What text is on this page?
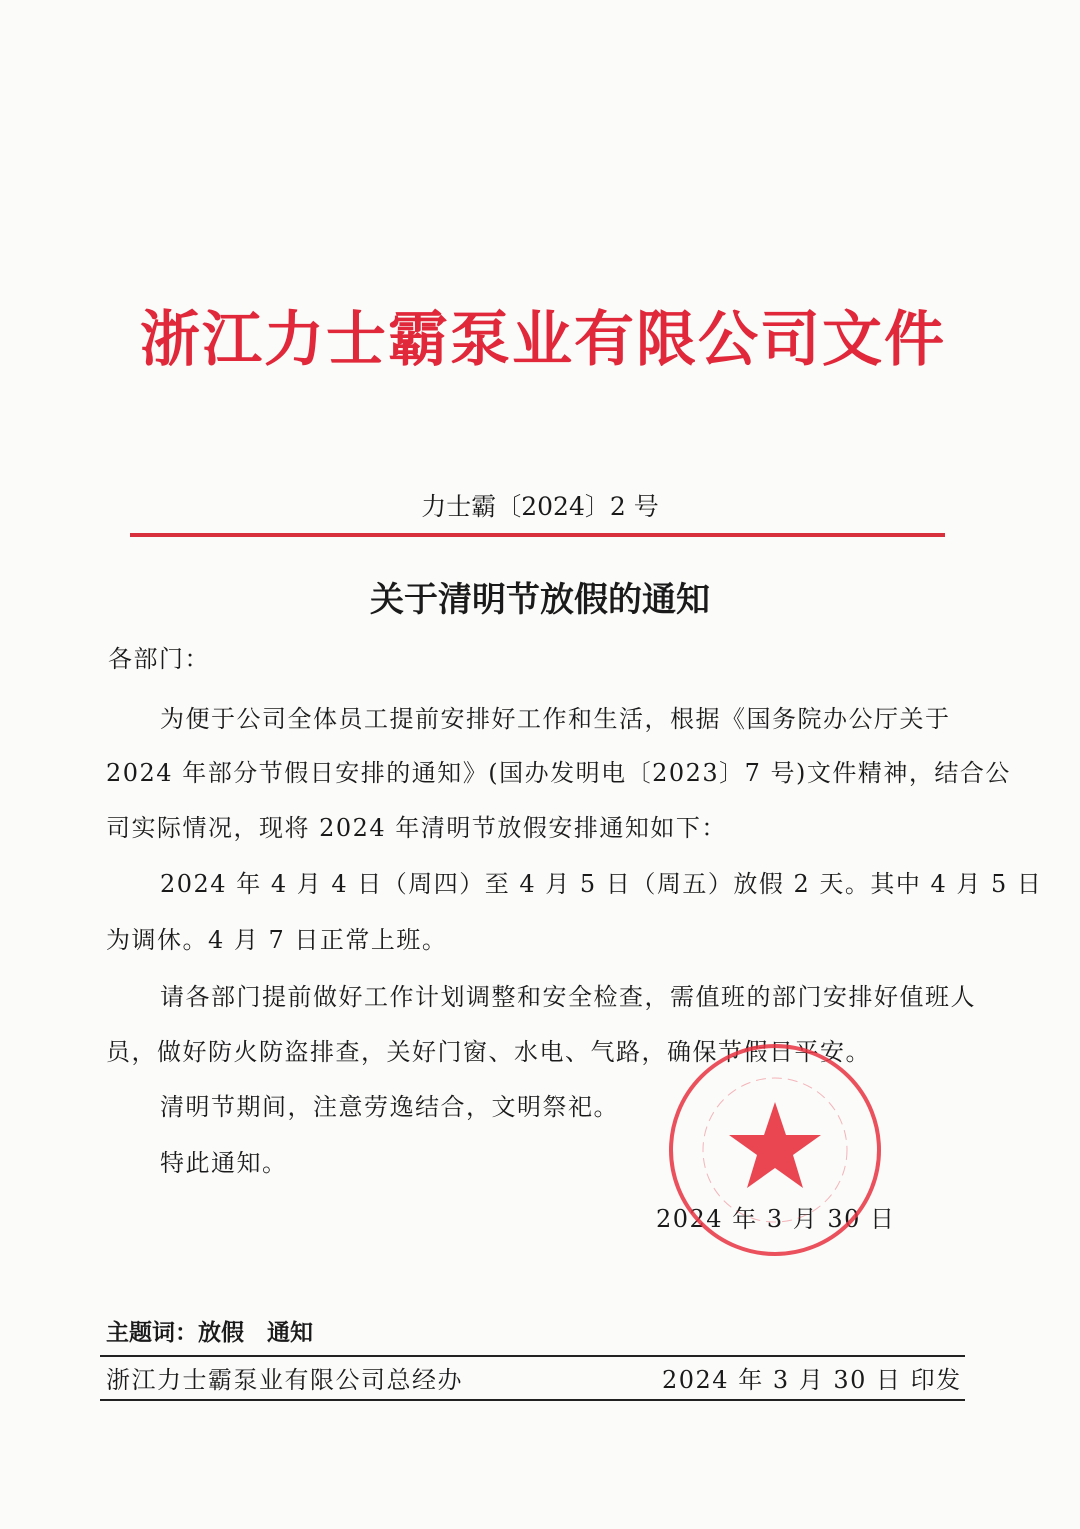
浙江力士霸泵业有限公司文件
力士霸〔2024〕2 号
关于清明节放假的通知
各部门：
为便于公司全体员工提前安排好工作和生活，根据《国务院办公厅关于
2024 年部分节假日安排的通知》(国办发明电〔2023〕7 号)文件精神，结合公
司实际情况，现将 2024 年清明节放假安排通知如下：
2024 年 4 月 4 日（周四）至 4 月 5 日（周五）放假 2 天。其中 4 月 5 日
为调休。4 月 7 日正常上班。
请各部门提前做好工作计划调整和安全检查，需值班的部门安排好值班人
员，做好防火防盗排查，关好门窗、水电、气路，确保节假日平安。
清明节期间，注意劳逸结合，文明祭祀。
特此通知。
2024 年 3 月 30 日
主题词：放假　通知
浙江力士霸泵业有限公司总经办	2024 年 3 月 30 日 印发
